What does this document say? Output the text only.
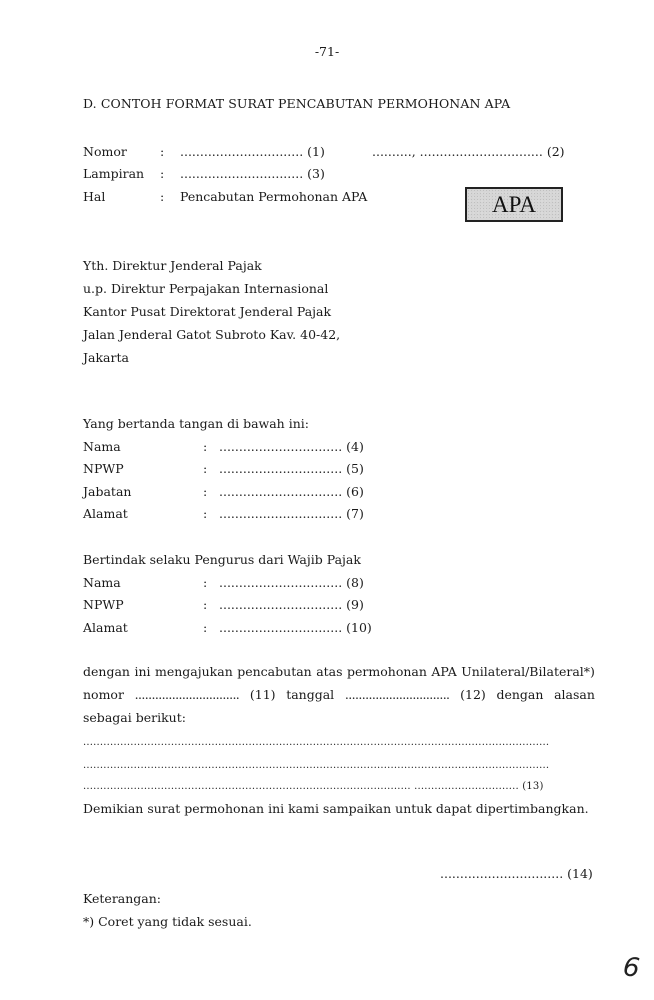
-71-
D. CONTOH FORMAT SURAT PENCABUTAN PERMOHONAN APA
Nomor	: ............................... (1)
Lampiran : ............................... (3)
Hal	: Pencabutan Permohonan APA
.........., ............................... (2)
APA
Yth. Direktur Jenderal Pajak
u.p. Direktur Perpajakan Internasional
Kantor Pusat Direktorat Jenderal Pajak
Jalan Jenderal Gatot Subroto Kav. 40-42,
Jakarta
Yang bertanda tangan di bawah ini:
Nama	: ............................... (4)
NPWP	: ............................... (5)
Jabatan	: ............................... (6)
Alamat	: ............................... (7)
Bertindak selaku Pengurus dari Wajib Pajak
Nama	: ............................... (8)
NPWP	: ............................... (9)
Alamat	: ............................... (10)
dengan ini mengajukan pencabutan atas permohonan APA Unilateral/Bilateral*)
nomor ............................... (11) tanggal ............................... (12) dengan alasan
sebagai berikut:
..........................................................................................................................................
..........................................................................................................................................
................................................................................................. ............................... (13)
Demikian surat permohonan ini kami sampaikan untuk dapat dipertimbangkan.
............................... (14)
Keterangan:
*) Coret yang tidak sesuai.
6
